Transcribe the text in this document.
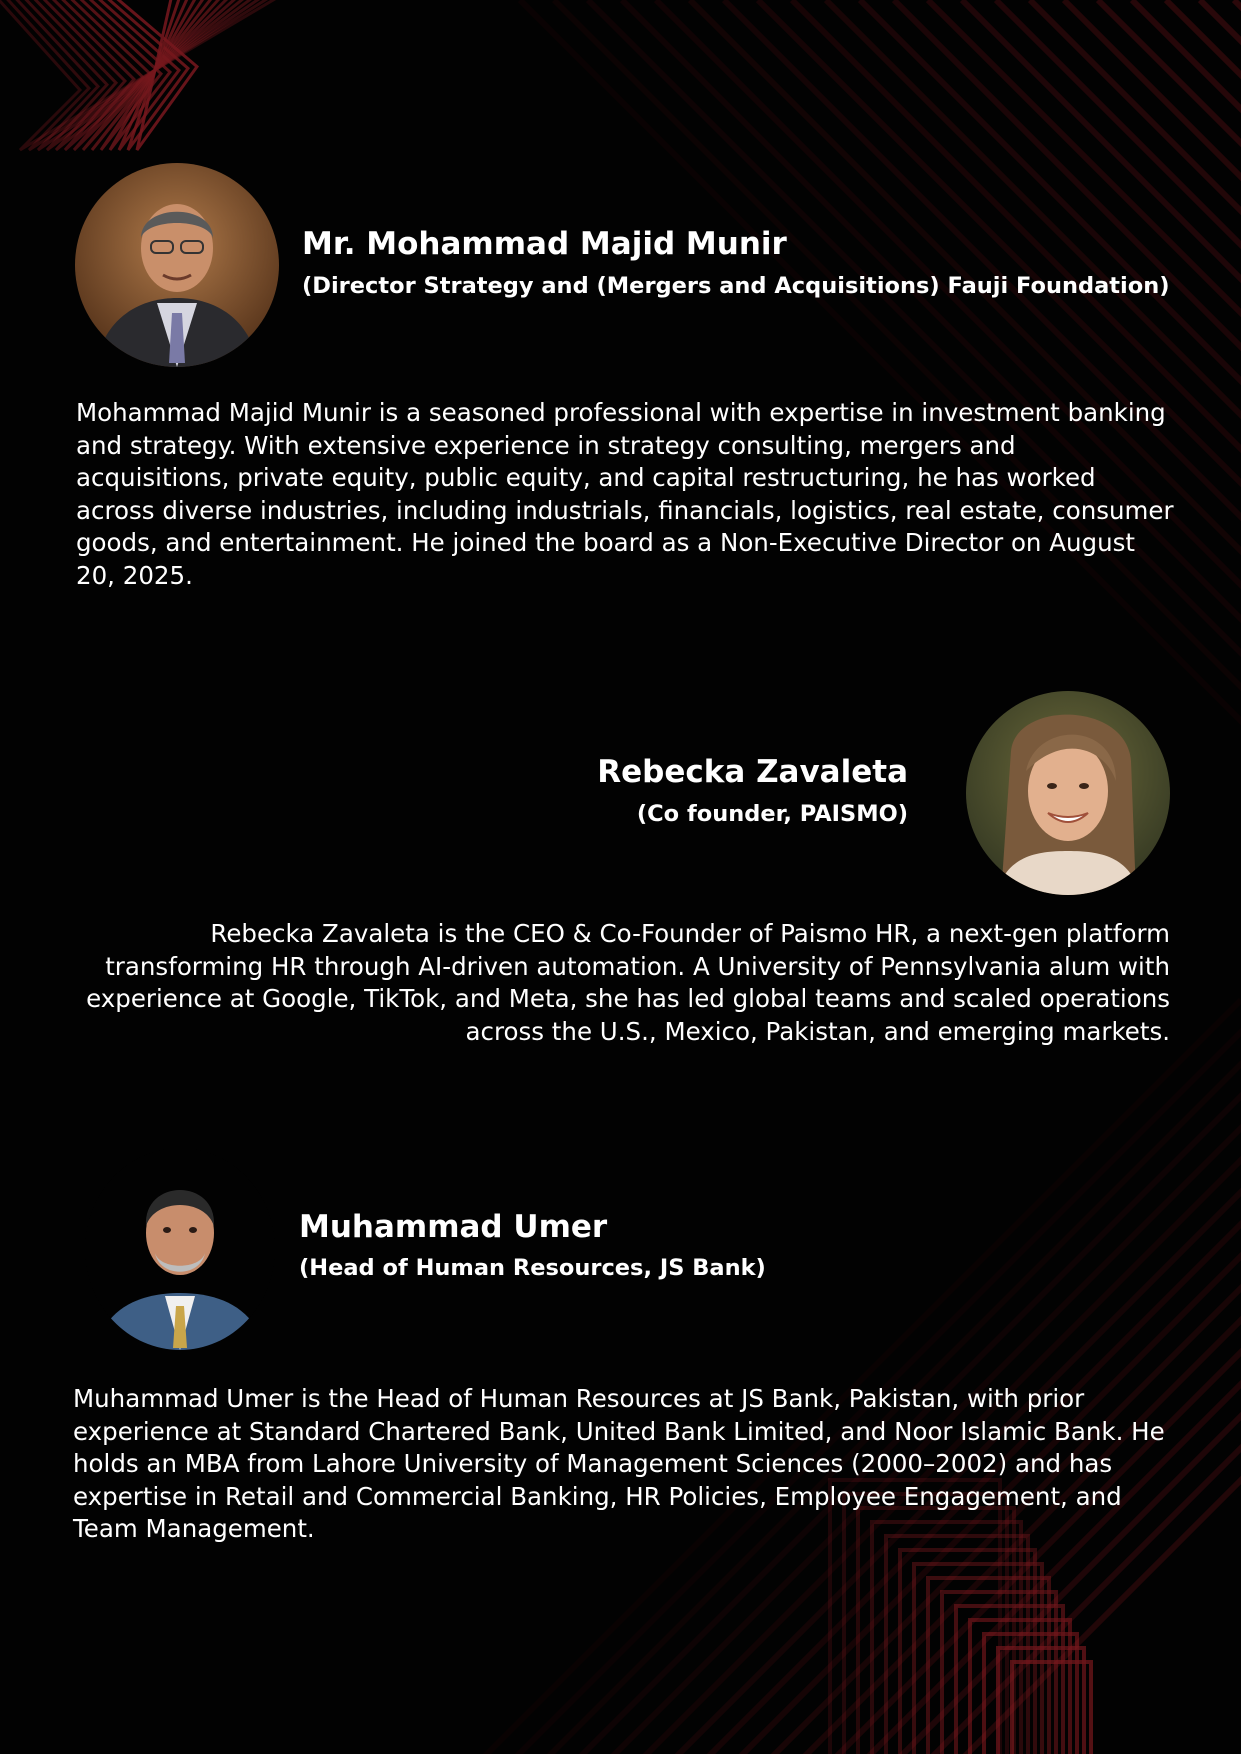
Mr. Mohammad Majid Munir
(Director Strategy and (Mergers and Acquisitions) Fauji Foundation)
Mohammad Majid Munir is a seasoned professional with expertise in investment banking and strategy. With extensive experience in strategy consulting, mergers and acquisitions, private equity, public equity, and capital restructuring, he has worked across diverse industries, including industrials, financials, logistics, real estate, consumer goods, and entertainment. He joined the board as a Non-Executive Director on August 20, 2025.
Rebecka Zavaleta
(Co founder, PAISMO)
Rebecka Zavaleta is the CEO & Co-Founder of Paismo HR, a next-gen platform transforming HR through AI-driven automation. A University of Pennsylvania alum with experience at Google, TikTok, and Meta, she has led global teams and scaled operations across the U.S., Mexico, Pakistan, and emerging markets.
Muhammad Umer
(Head of Human Resources, JS Bank)
Muhammad Umer is the Head of Human Resources at JS Bank, Pakistan, with prior experience at Standard Chartered Bank, United Bank Limited, and Noor Islamic Bank. He holds an MBA from Lahore University of Management Sciences (2000–2002) and has expertise in Retail and Commercial Banking, HR Policies, Employee Engagement, and Team Management.
